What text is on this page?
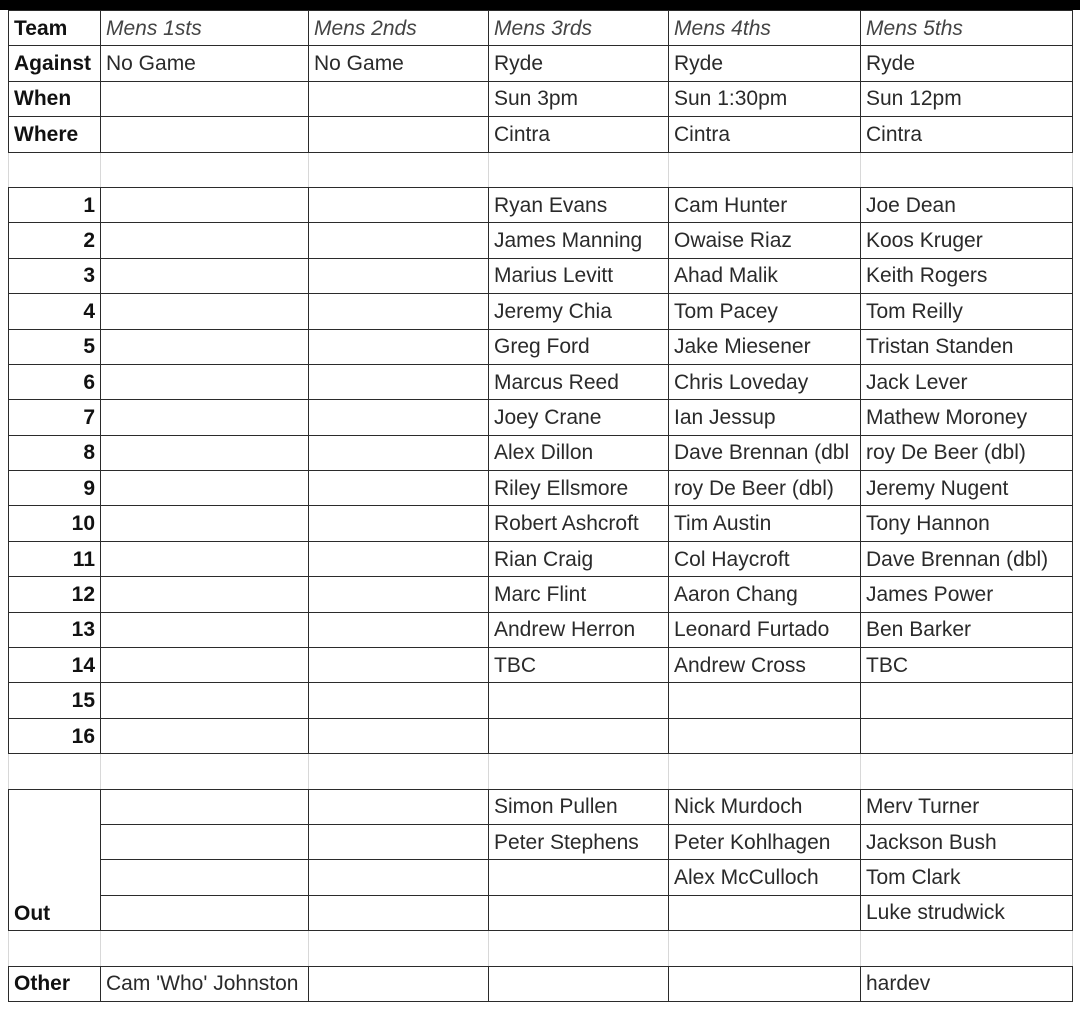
Team	Mens 1sts	Mens 2nds	Mens 3rds	Mens 4ths	Mens 5ths
Against	No Game	No Game	Ryde	Ryde	Ryde
When			Sun 3pm	Sun 1:30pm	Sun 12pm
Where			Cintra	Cintra	Cintra

1			Ryan Evans	Cam Hunter	Joe Dean
2			James Manning	Owaise Riaz	Koos Kruger
3			Marius Levitt	Ahad Malik	Keith Rogers
4			Jeremy Chia	Tom Pacey	Tom Reilly
5			Greg Ford	Jake Miesener	Tristan Standen
6			Marcus Reed	Chris Loveday	Jack Lever
7			Joey Crane	Ian Jessup	Mathew Moroney
8			Alex Dillon	Dave Brennan (dbl	roy De Beer (dbl)
9			Riley Ellsmore	roy De Beer (dbl)	Jeremy Nugent
10			Robert Ashcroft	Tim Austin	Tony Hannon
11			Rian Craig	Col Haycroft	Dave Brennan (dbl)
12			Marc Flint	Aaron Chang	James Power
13			Andrew Herron	Leonard Furtado	Ben Barker
14			TBC	Andrew Cross	TBC
15					
16					

Out			Simon Pullen	Nick Murdoch	Merv Turner
			Peter Stephens	Peter Kohlhagen	Jackson Bush
				Alex McCulloch	Tom Clark
					Luke strudwick

Other	Cam 'Who' Johnston				hardev
